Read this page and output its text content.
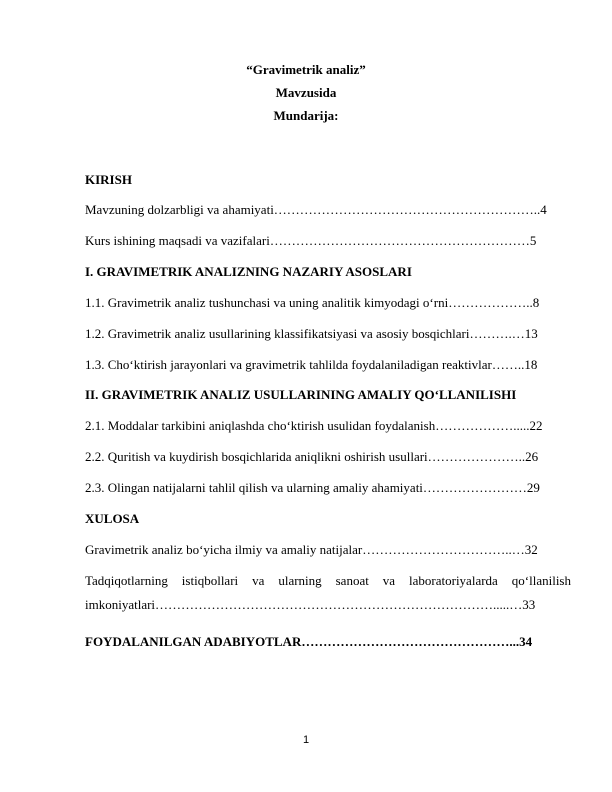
“Gravimetrik analiz”
Mavzusida
Mundarija:
KIRISH
Mavzuning dolzarbligi va ahamiyati……………………………………………………..4
Kurs ishining maqsadi va vazifalari……………………………………………………5
I. GRAVIMETRIK ANALIZNING NAZARIY ASOSLARI
1.1. Gravimetrik analiz tushunchasi va uning analitik kimyodagi o‘rni………………..8
1.2. Gravimetrik analiz usullarining klassifikatsiyasi va asosiy bosqichlari……….…13
1.3. Cho‘ktirish jarayonlari va gravimetrik tahlilda foydalaniladigan reaktivlar……..18
II. GRAVIMETRIK ANALIZ USULLARINING AMALIY QO‘LLANILISHI
2.1. Moddalar tarkibini aniqlashda cho‘ktirish usulidan foydalanish……………….....22
2.2. Quritish va kuydirish bosqichlarida aniqlikni oshirish usullari…………………..26
2.3. Olingan natijalarni tahlil qilish va ularning amaliy ahamiyati……………………29
XULOSA
Gravimetrik analiz bo‘yicha ilmiy va amaliy natijalar……………………………..…32
Tadqiqotlarning istiqbollari va ularning sanoat va laboratoriyalarda qo‘llanilish
imkoniyatlari…………………………………………………………………….....…33
FOYDALANILGAN ADABIYOTLAR…………………………………………...34
1
